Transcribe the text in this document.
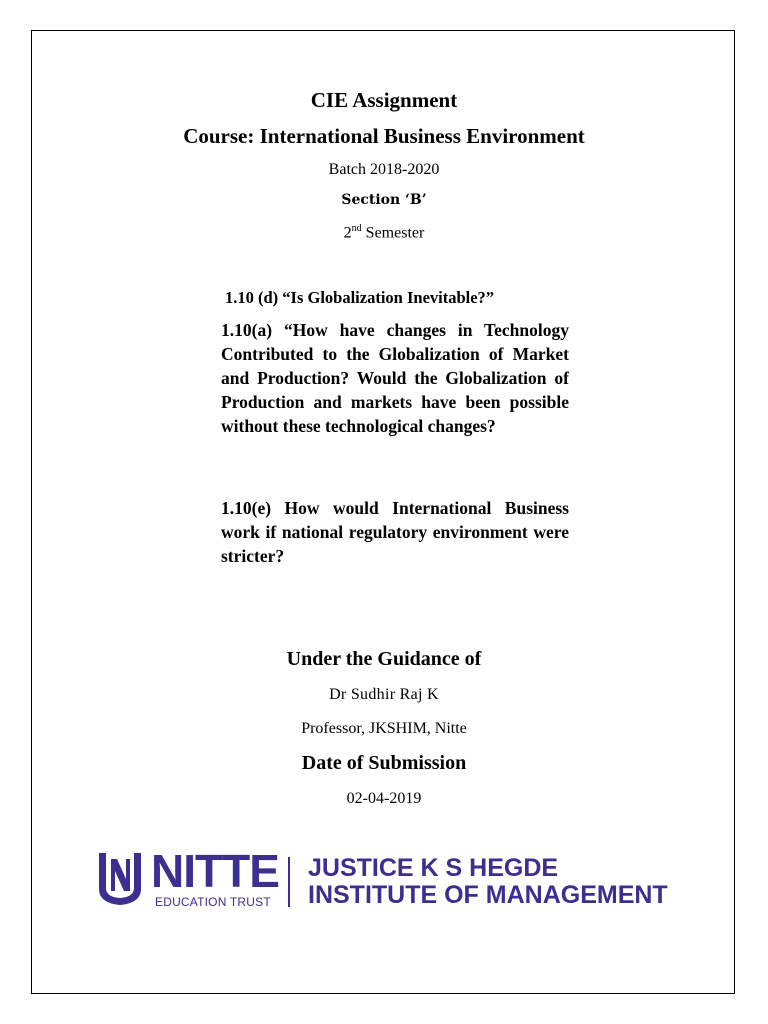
CIE Assignment
Course: International Business Environment
Batch 2018-2020
Section ‘B’
2nd Semester
1.10 (d) “Is Globalization Inevitable?”
1.10(a) “How have changes in Technology Contributed to the Globalization of Market and Production? Would the Globalization of Production and markets have been possible without these technological changes?
1.10(e) How would International Business work if national regulatory environment were stricter?
Under the Guidance of
Dr Sudhir Raj K
Professor, JKSHIM, Nitte
Date of Submission
02-04-2019
NITTE
EDUCATION TRUST
JUSTICE K S HEGDE
INSTITUTE OF MANAGEMENT
